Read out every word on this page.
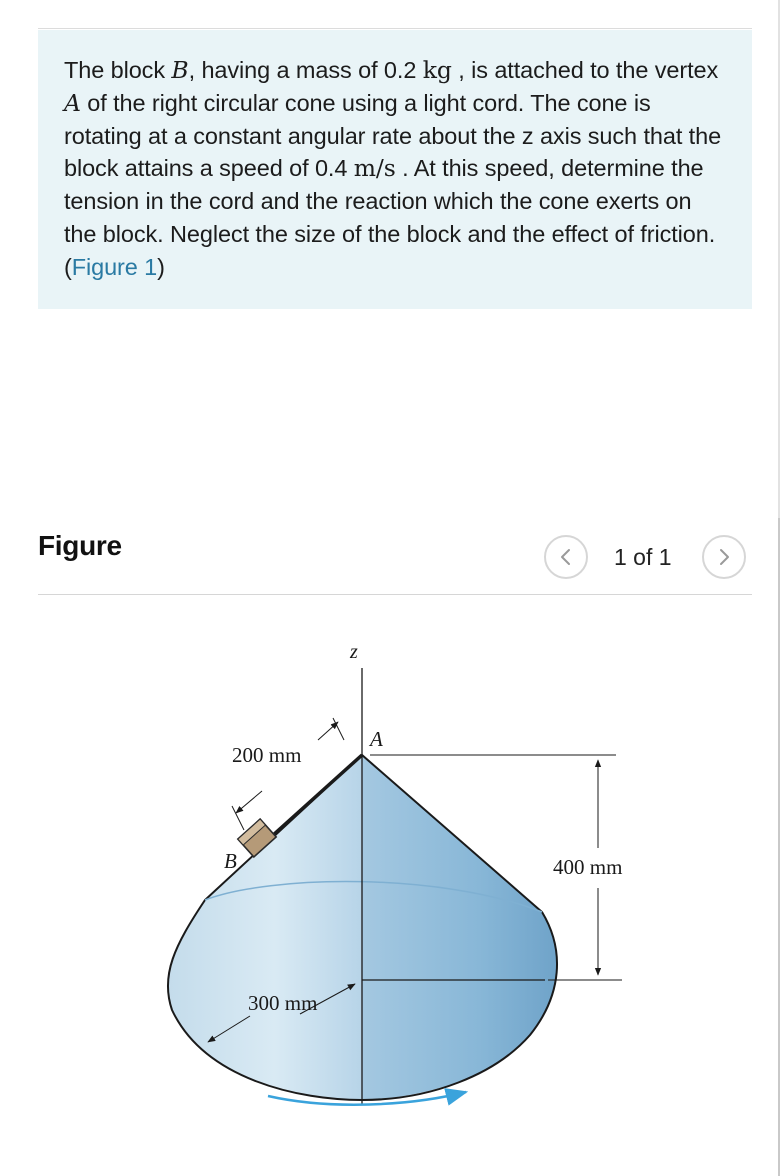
The block B, having a mass of 0.2 kg , is attached to the vertex A of the right circular cone using a light cord. The cone is rotating at a constant angular rate about the z axis such that the block attains a speed of 0.4 m/s . At this speed, determine the tension in the cord and the reaction which the cone exerts on the block. Neglect the size of the block and the effect of friction. (Figure 1)

Figure	1 of 1
z
A
B
200 mm
400 mm
300 mm
